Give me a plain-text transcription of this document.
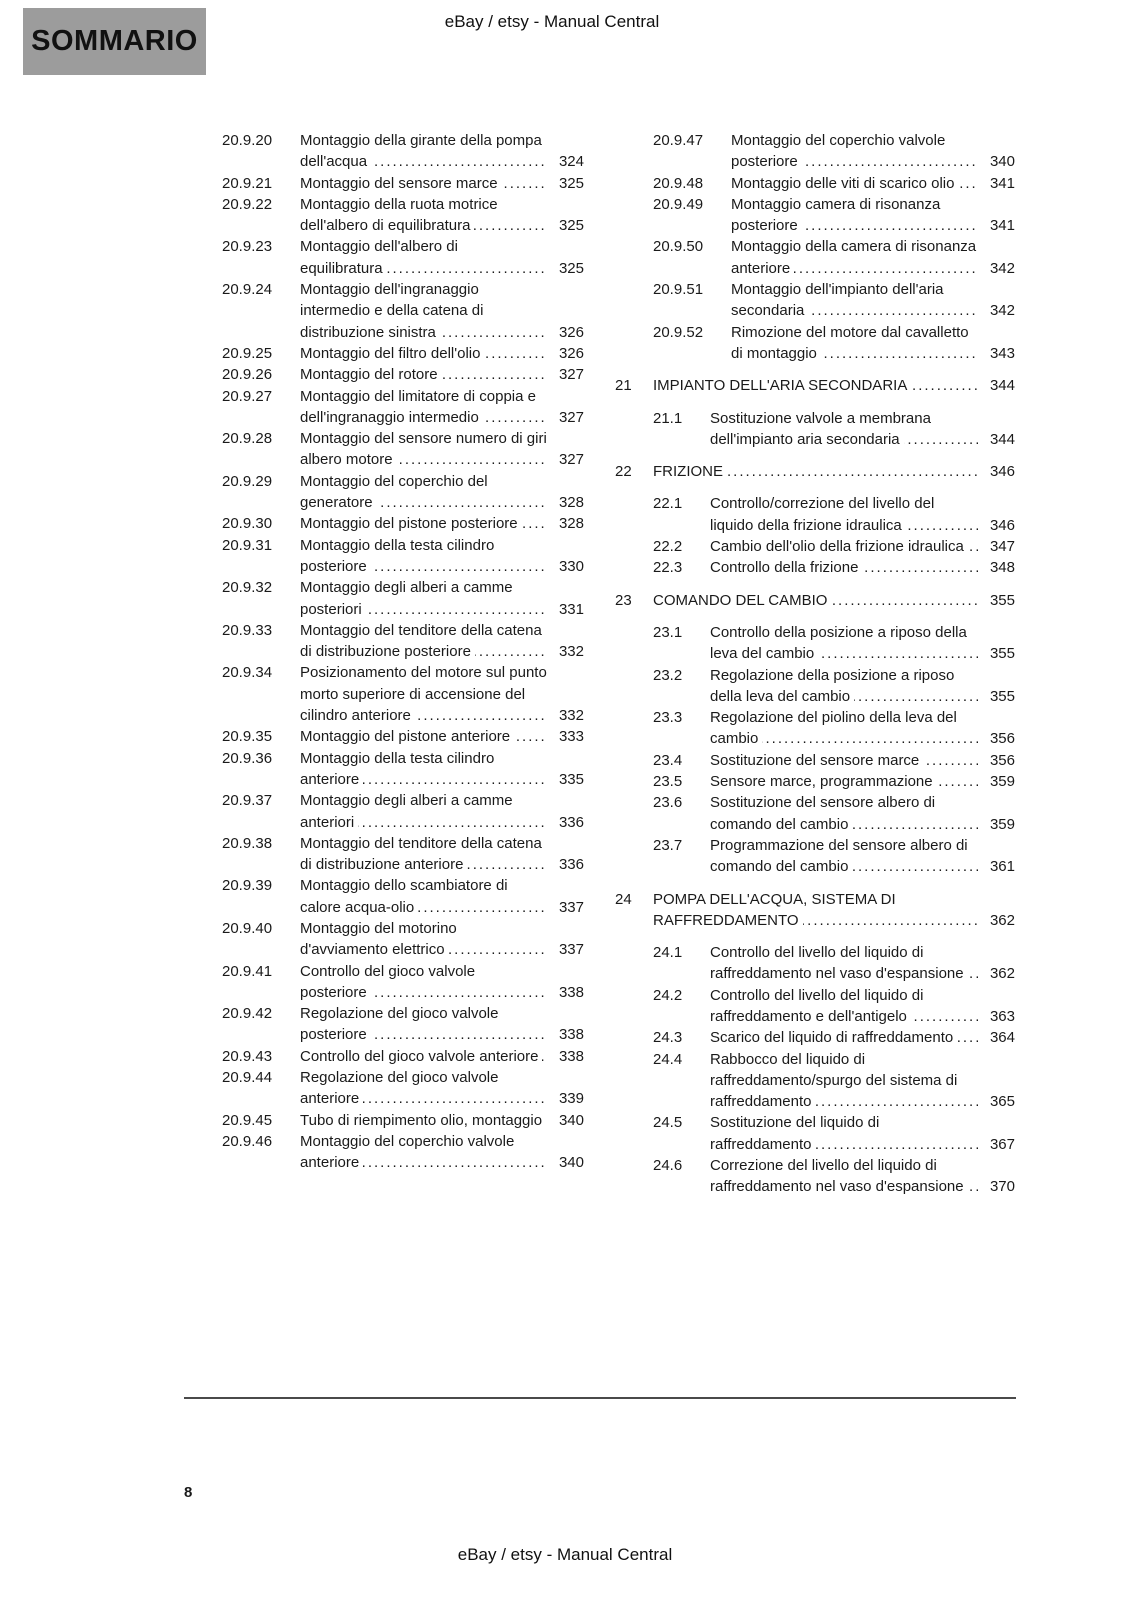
SOMMARIO
eBay / etsy - Manual Central
20.9.20	Montaggio della girante della pompa dell'acqua .....	324
20.9.21	Montaggio del sensore marce .....	325
20.9.22	Montaggio della ruota motrice dell'albero di equilibratura .....	325
20.9.23	Montaggio dell'albero di equilibratura .....	325
20.9.24	Montaggio dell'ingranaggio intermedio e della catena di distribuzione sinistra .....	326
20.9.25	Montaggio del filtro dell'olio .....	326
20.9.26	Montaggio del rotore .....	327
20.9.27	Montaggio del limitatore di coppia e dell'ingranaggio intermedio .....	327
20.9.28	Montaggio del sensore numero di giri albero motore .....	327
20.9.29	Montaggio del coperchio del generatore .....	328
20.9.30	Montaggio del pistone posteriore .....	328
20.9.31	Montaggio della testa cilindro posteriore .....	330
20.9.32	Montaggio degli alberi a camme posteriori .....	331
20.9.33	Montaggio del tenditore della catena di distribuzione posteriore .....	332
20.9.34	Posizionamento del motore sul punto morto superiore di accensione del cilindro anteriore .....	332
20.9.35	Montaggio del pistone anteriore .....	333
20.9.36	Montaggio della testa cilindro anteriore .....	335
20.9.37	Montaggio degli alberi a camme anteriori .....	336
20.9.38	Montaggio del tenditore della catena di distribuzione anteriore .....	336
20.9.39	Montaggio dello scambiatore di calore acqua-olio .....	337
20.9.40	Montaggio del motorino d'avviamento elettrico .....	337
20.9.41	Controllo del gioco valvole posteriore .....	338
20.9.42	Regolazione del gioco valvole posteriore .....	338
20.9.43	Controllo del gioco valvole anteriore .....	338
20.9.44	Regolazione del gioco valvole anteriore .....	339
20.9.45	Tubo di riempimento olio, montaggio .....	340
20.9.46	Montaggio del coperchio valvole anteriore .....	340
20.9.47	Montaggio del coperchio valvole posteriore .....	340
20.9.48	Montaggio delle viti di scarico olio .....	341
20.9.49	Montaggio camera di risonanza posteriore .....	341
20.9.50	Montaggio della camera di risonanza anteriore .....	342
20.9.51	Montaggio dell'impianto dell'aria secondaria .....	342
20.9.52	Rimozione del motore dal cavalletto di montaggio .....	343
21	IMPIANTO DELL'ARIA SECONDARIA .....	344
21.1	Sostituzione valvole a membrana dell'impianto aria secondaria .....	344
22	FRIZIONE .....	346
22.1	Controllo/correzione del livello del liquido della frizione idraulica .....	346
22.2	Cambio dell'olio della frizione idraulica .....	347
22.3	Controllo della frizione .....	348
23	COMANDO DEL CAMBIO .....	355
23.1	Controllo della posizione a riposo della leva del cambio .....	355
23.2	Regolazione della posizione a riposo della leva del cambio .....	355
23.3	Regolazione del piolino della leva del cambio .....	356
23.4	Sostituzione del sensore marce .....	356
23.5	Sensore marce, programmazione .....	359
23.6	Sostituzione del sensore albero di comando del cambio .....	359
23.7	Programmazione del sensore albero di comando del cambio .....	361
24	POMPA DELL'ACQUA, SISTEMA DI RAFFREDDAMENTO .....	362
24.1	Controllo del livello del liquido di raffreddamento nel vaso d'espansione .....	362
24.2	Controllo del livello del liquido di raffreddamento e dell'antigelo .....	363
24.3	Scarico del liquido di raffreddamento .....	364
24.4	Rabbocco del liquido di raffreddamento/spurgo del sistema di raffreddamento .....	365
24.5	Sostituzione del liquido di raffreddamento .....	367
24.6	Correzione del livello del liquido di raffreddamento nel vaso d'espansione .....	370
8
eBay / etsy - Manual Central
